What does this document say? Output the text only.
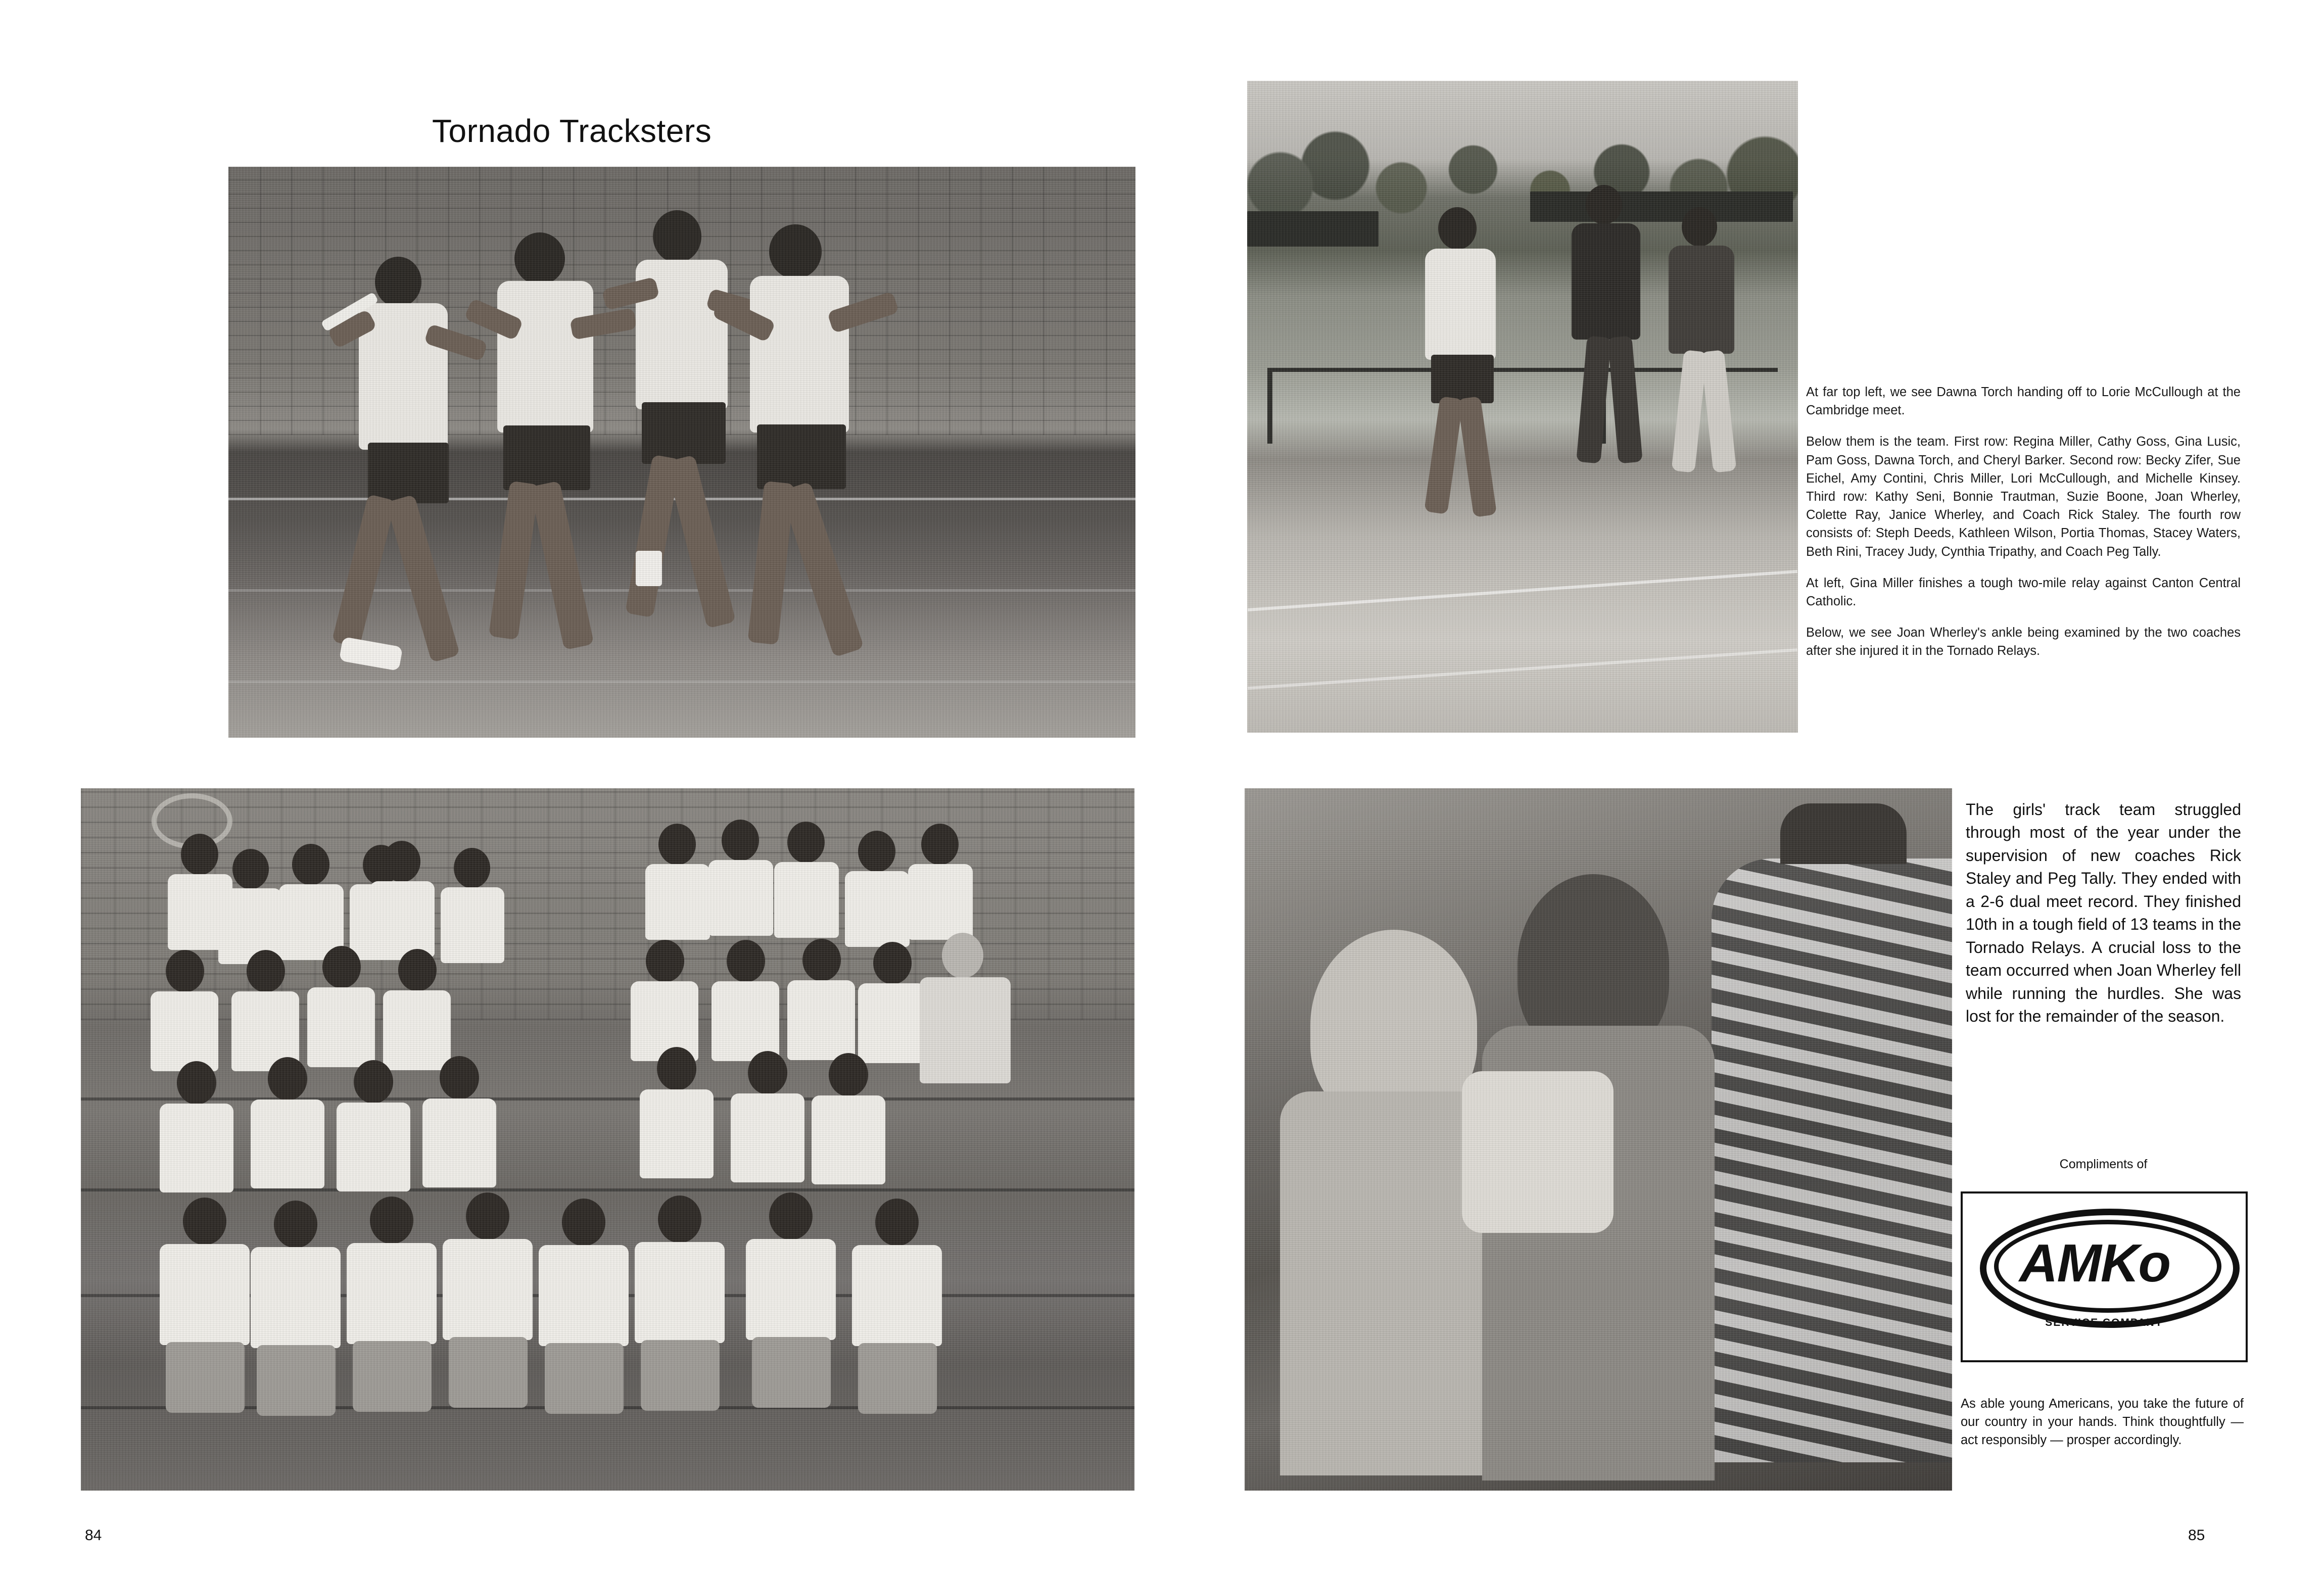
Tornado Tracksters
84

At far top left, we see Dawna Torch handing off to Lorie McCullough at the Cambridge meet.

Below them is the team. First row: Regina Miller, Cathy Goss, Gina Lusic, Pam Goss, Dawna Torch, and Cheryl Barker. Second row: Becky Zifer, Sue Eichel, Amy Contini, Chris Miller, Lori McCullough, and Michelle Kinsey. Third row: Kathy Seni, Bonnie Trautman, Suzie Boone, Joan Wherley, Colette Ray, Janice Wherley, and Coach Rick Staley. The fourth row consists of: Steph Deeds, Kathleen Wilson, Portia Thomas, Stacey Waters, Beth Rini, Tracey Judy, Cynthia Tripathy, and Coach Peg Tally.

At left, Gina Miller finishes a tough two-mile relay against Canton Central Catholic.

Below, we see Joan Wherley's ankle being examined by the two coaches after she injured it in the Tornado Relays.

The girls' track team struggled through most of the year under the supervision of new coaches Rick Staley and Peg Tally. They ended with a 2-6 dual meet record. They finished 10th in a tough field of 13 teams in the Tornado Relays. A crucial loss to the team occurred when Joan Wherley fell while running the hurdles. She was lost for the remainder of the season.
Compliments of
AMKo
SERVICE COMPANY
As able young Americans, you take the future of our country in your hands. Think thoughtfully — act responsibly — prosper accordingly.
85
